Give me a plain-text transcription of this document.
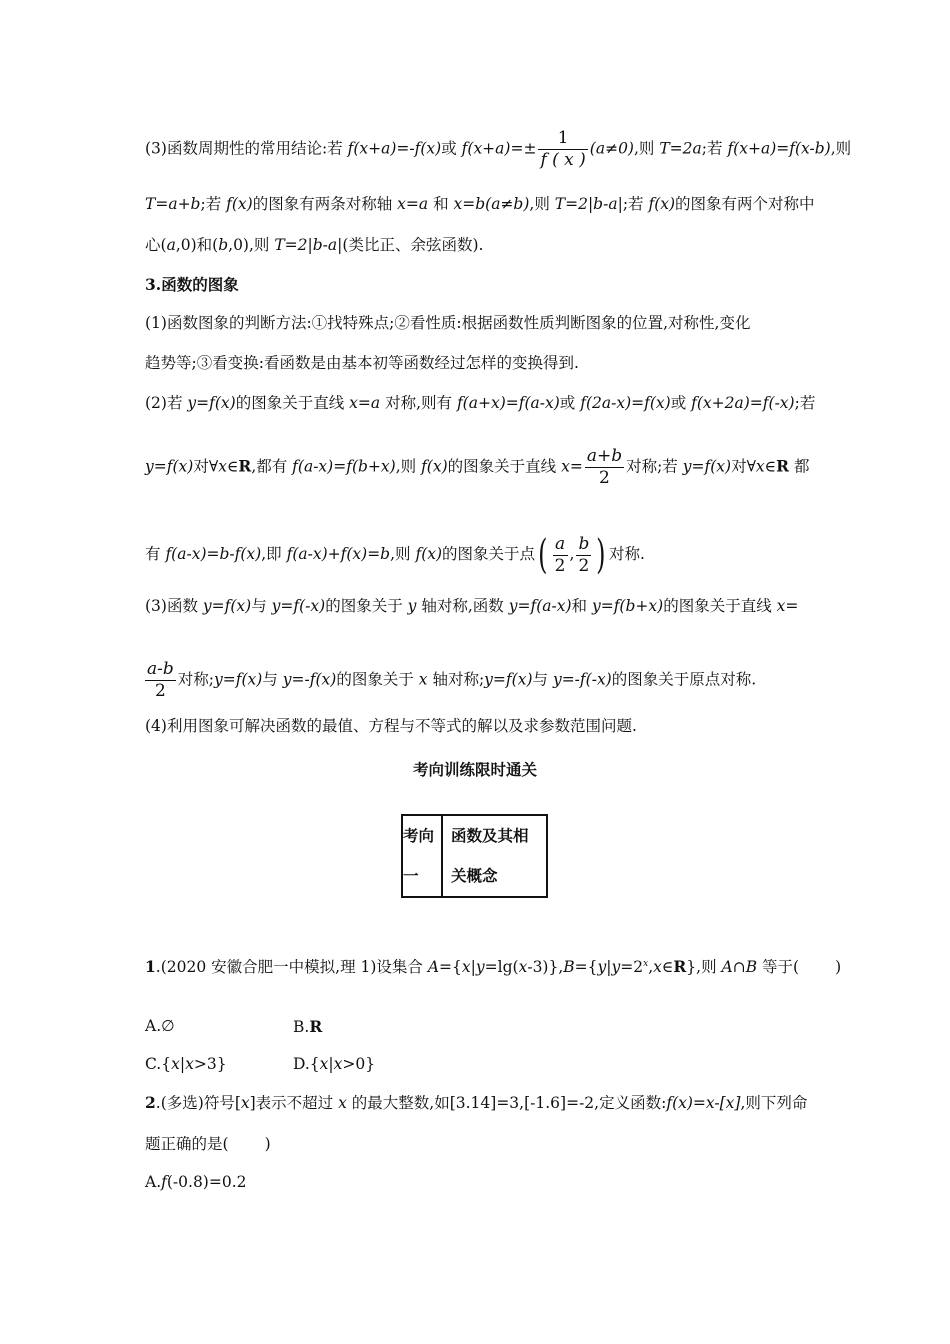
(3)函数周期性的常用结论:若 f(x+a)=-f(x)或 $f(x+a)=\pm \frac{1}{f ( x )} (a\ne 0)$,则 T=2a;若 f(x+a)=f(x-b),则
T=a+b;若 f(x)的图象有两条对称轴 x=a 和 x=b(a≠b),则 T=2|b-a|;若 f(x)的图象有两个对称中
心(a,0)和(b,0),则 T=2|b-a|(类比正、余弦函数).
3.函数的图象
(1)函数图象的判断方法:①找特殊点;②看性质:根据函数性质判断图象的位置,对称性,变化
趋势等;③看变换:看函数是由基本初等函数经过怎样的变换得到.
(2)若 y=f(x)的图象关于直线 x=a 对称,则有 f(a+x)=f(a-x)或 f(2a-x)=f(x)或 f(x+2a)=f(-x);若
y=f(x)对∀x∈R,都有 f(a-x)=f(b+x),则 f(x)的图象关于直线 $x= \frac{a+b}{2}$ 对称;若 y=f(x)对∀x∈R 都
有 f(a-x)=b-f(x),即 f(a-x)+f(x)=b,则 f(x)的图象关于点( $\frac{a}{2}$ , $\frac{b}{2}$ ) 对称.
(3)函数 y=f(x)与 y=f(-x)的图象关于 y 轴对称,函数 y=f(a-x)和 y=f(b+x)的图象关于直线 x=
$\frac{a-b}{2}$ 对称;y=f(x)与 y=-f(x)的图象关于 x 轴对称;y=f(x)与 y=-f(-x)的图象关于原点对称.
(4)利用图象可解决函数的最值、方程与不等式的解以及求参数范围问题.
考向训练限时通关
考向
一
函数及其相
关概念
1.(2020 安徽合肥一中模拟,理 1)设集合 $A=\{x|y=\lg(x-3)\},B=\{y|y=2^x,x\in R\}$,则 A∩B 等于( )
A.∅	B.R
C.{x|x>3}	D.{x|x>0}
2.(多选)符号[x]表示不超过 x 的最大整数,如[3.14]=3,[-1.6]=-2,定义函数:f(x)=x-[x],则下列命
题正确的是( )
A.f(-0.8)=0.2
